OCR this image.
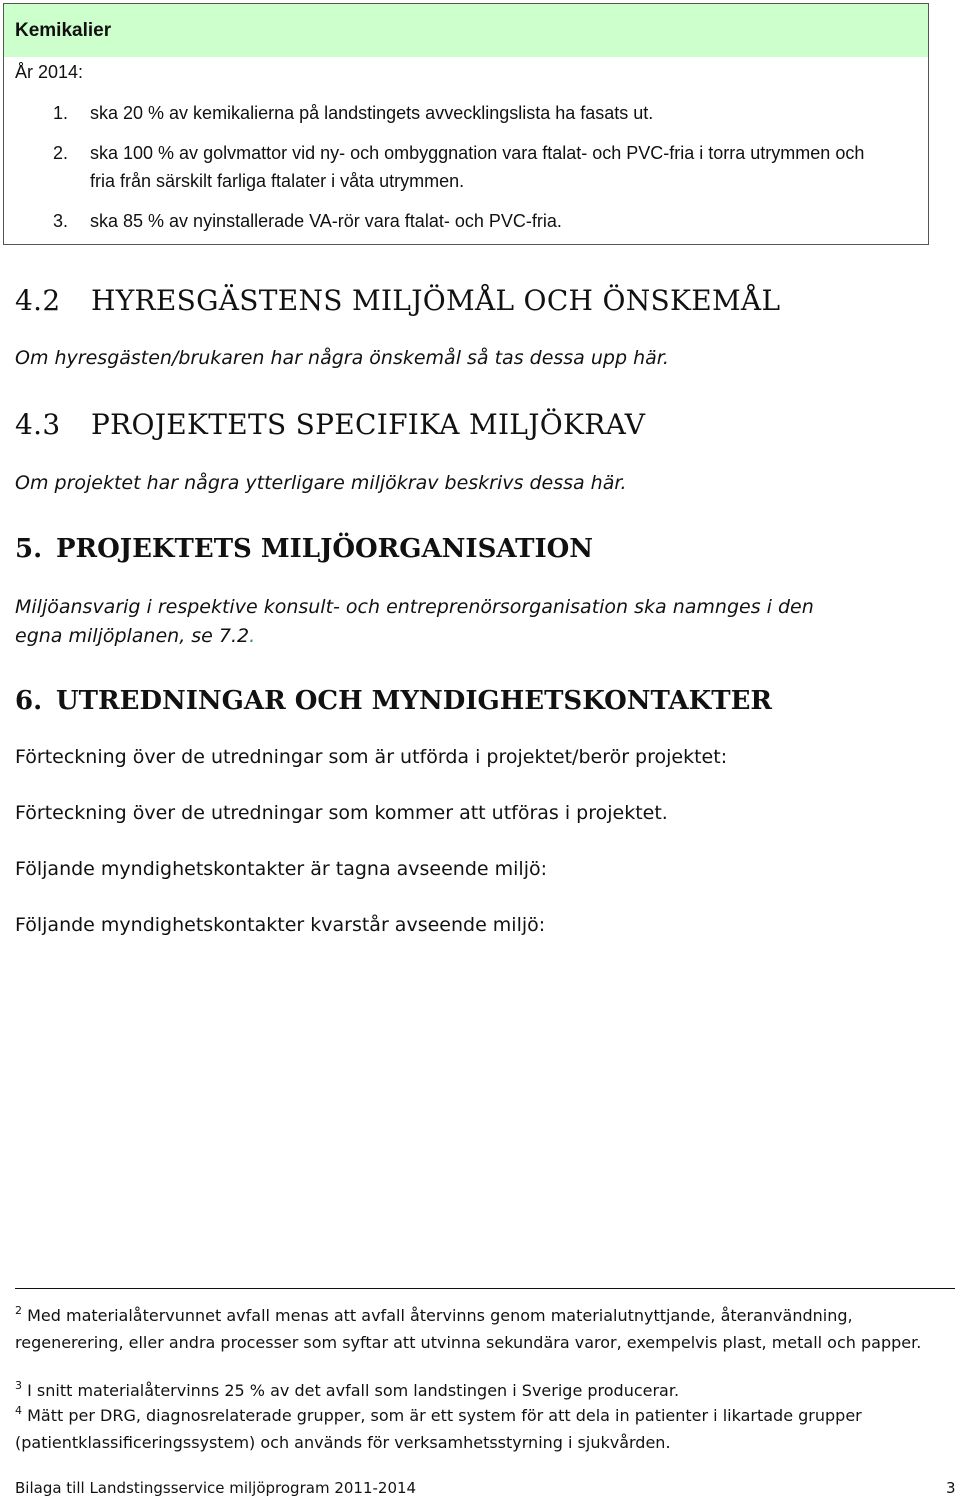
Kemikalier
År 2014:
1. ska 20 % av kemikalierna på landstingets avvecklingslista ha fasats ut.
2. ska 100 % av golvmattor vid ny- och ombyggnation vara ftalat- och PVC-fria i torra utrymmen och fria från särskilt farliga ftalater i våta utrymmen.
3. ska 85 % av nyinstallerade VA-rör vara ftalat- och PVC-fria.
4.2 HYRESGÄSTENS MILJÖMÅL OCH ÖNSKEMÅL
Om hyresgästen/brukaren har några önskemål så tas dessa upp här.
4.3 PROJEKTETS SPECIFIKA MILJÖKRAV
Om projektet har några ytterligare miljökrav beskrivs dessa här.
5. PROJEKTETS MILJÖORGANISATION
Miljöansvarig i respektive konsult- och entreprenörsorganisation ska namnges i den egna miljöplanen, se 7.2.
6. UTREDNINGAR OCH MYNDIGHETSKONTAKTER
Förteckning över de utredningar som är utförda i projektet/berör projektet:
Förteckning över de utredningar som kommer att utföras i projektet.
Följande myndighetskontakter är tagna avseende miljö:
Följande myndighetskontakter kvarstår avseende miljö:
$^2$ Med materialåtervunnet avfall menas att avfall återvinns genom materialutnyttjande, återanvändning, regenerering, eller andra processer som syftar att utvinna sekundära varor, exempelvis plast, metall och papper.
$^3$ I snitt materialåtervinns 25 % av det avfall som landstingen i Sverige producerar.
$^4$ Mätt per DRG, diagnosrelaterade grupper, som är ett system för att dela in patienter i likartade grupper (patientklassificeringssystem) och används för verksamhetsstyrning i sjukvården.
Bilaga till Landstingsservice miljöprogram 2011-2014	3
